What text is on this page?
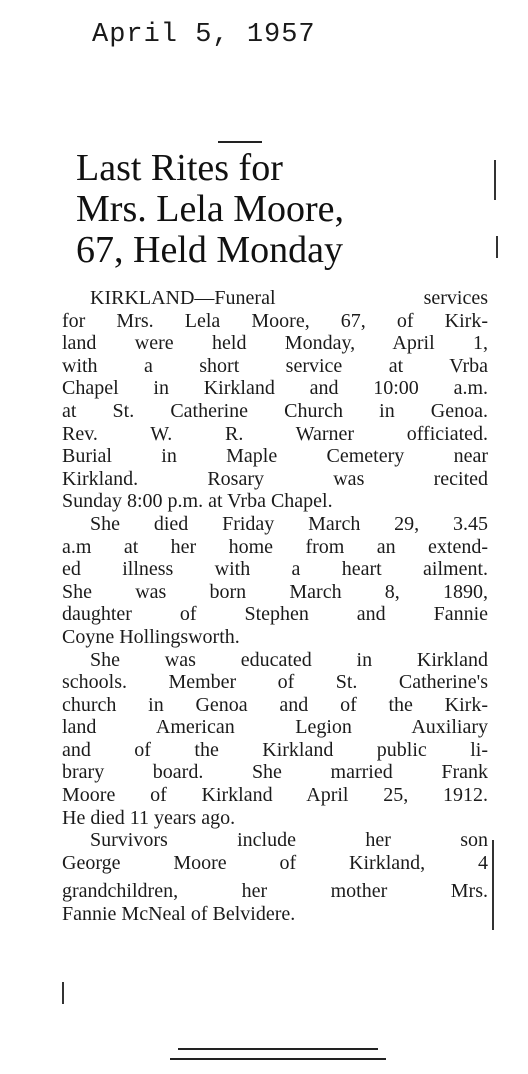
April 5, 1957

Last Rites for
Mrs. Lela Moore,
67, Held Monday
KIRKLAND—Funeral services
for Mrs. Lela Moore, 67, of Kirk-
land were held Monday, April 1,
with a short service at Vrba
Chapel in Kirkland and 10:00 a.m.
at St. Catherine Church in Genoa.
Rev. W. R. Warner officiated.
Burial in Maple Cemetery near
Kirkland. Rosary was recited
Sunday 8:00 p.m. at Vrba Chapel.
She died Friday March 29, 3.45
a.m at her home from an extend-
ed illness with a heart ailment.
She was born March 8, 1890,
daughter of Stephen and Fannie
Coyne Hollingsworth.
She was educated in Kirkland
schools. Member of St. Catherine's
church in Genoa and of the Kirk-
land American Legion Auxiliary
and of the Kirkland public li-
brary board. She married Frank
Moore of Kirkland April 25, 1912.
He died 11 years ago.
Survivors include her son
George Moore of Kirkland, 4
grandchildren, her mother Mrs.
Fannie McNeal of Belvidere.
